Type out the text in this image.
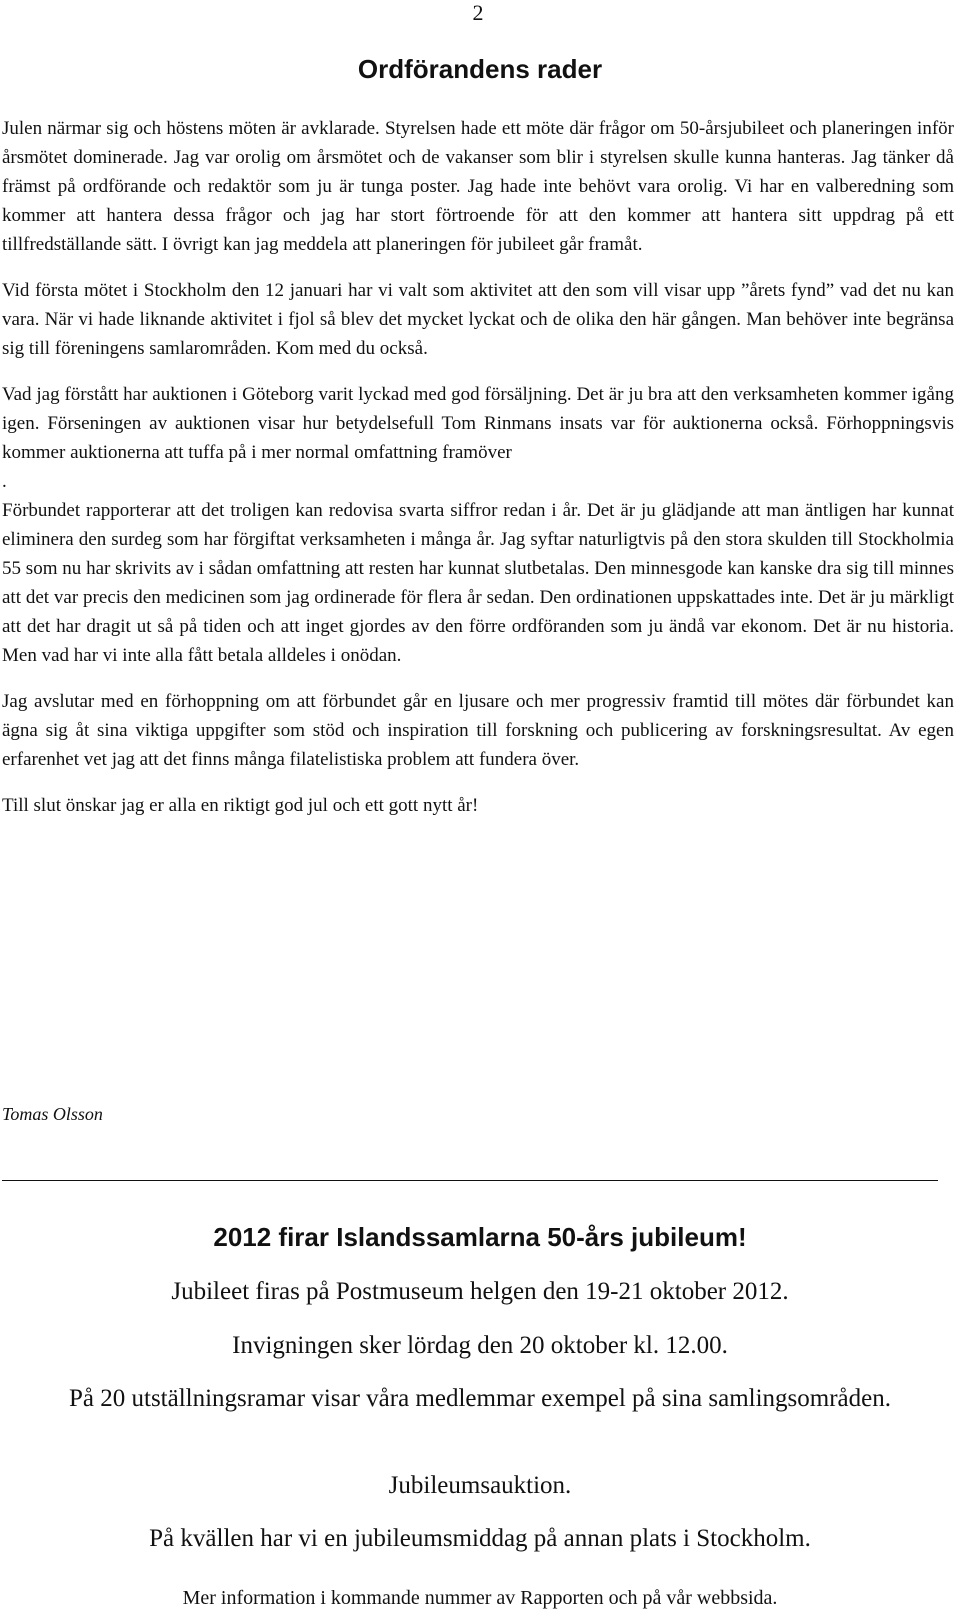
2
Ordförandens rader

Julen närmar sig och höstens möten är avklarade. Styrelsen hade ett möte där frågor om 50-årsjubileet och planeringen inför årsmötet dominerade. Jag var orolig om årsmötet och de vakanser som blir i styrelsen skulle kunna hanteras. Jag tänker då främst på ordförande och redaktör som ju är tunga poster. Jag hade inte behövt vara orolig. Vi har en valberedning som kommer att hantera dessa frågor och jag har stort förtroende för att den kommer att hantera sitt uppdrag på ett tillfredställande sätt. I övrigt kan jag meddela att planeringen för jubileet går framåt.

Vid första mötet i Stockholm den 12 januari har vi valt som aktivitet att den som vill visar upp ”årets fynd” vad det nu kan vara. När vi hade liknande aktivitet i fjol så blev det mycket lyckat och de olika den här gången. Man behöver inte begränsa sig till föreningens samlarområden. Kom med du också.

Vad jag förstått har auktionen i Göteborg varit lyckad med god försäljning. Det är ju bra att den verksamheten kommer igång igen. Förseningen av auktionen visar hur betydelsefull Tom Rinmans insats var för auktionerna också. Förhoppningsvis kommer auktionerna att tuffa på i mer normal omfattning framöver

.

Förbundet rapporterar att det troligen kan redovisa svarta siffror redan i år. Det är ju glädjande att man äntligen har kunnat eliminera den surdeg som har förgiftat verksamheten i många år. Jag syftar naturligtvis på den stora skulden till Stockholmia 55 som nu har skrivits av i sådan omfattning att resten har kunnat slutbetalas. Den minnesgode kan kanske dra sig till minnes att det var precis den medicinen som jag ordinerade för flera år sedan. Den ordinationen uppskattades inte. Det är ju märkligt att det har dragit ut så på tiden och att inget gjordes av den förre ordföranden som ju ändå var ekonom. Det är nu historia. Men vad har vi inte alla fått betala alldeles i onödan.

Jag avslutar med en förhoppning om att förbundet går en ljusare och mer progressiv framtid till mötes där förbundet kan ägna sig åt sina viktiga uppgifter som stöd och inspiration till forskning och publicering av forskningsresultat. Av egen erfarenhet vet jag att det finns många filatelistiska problem att fundera över.

Till slut önskar jag er alla en riktigt god jul och ett gott nytt år!

Tomas Olsson
2012 firar Islandssamlarna 50-års jubileum!
Jubileet firas på Postmuseum helgen den 19-21 oktober 2012.
Invigningen sker lördag den 20 oktober kl. 12.00.
På 20 utställningsramar visar våra medlemmar exempel på sina samlingsområden.
Jubileumsauktion.
På kvällen har vi en jubileumsmiddag på annan plats i Stockholm.
Mer information i kommande nummer av Rapporten och på vår webbsida.
